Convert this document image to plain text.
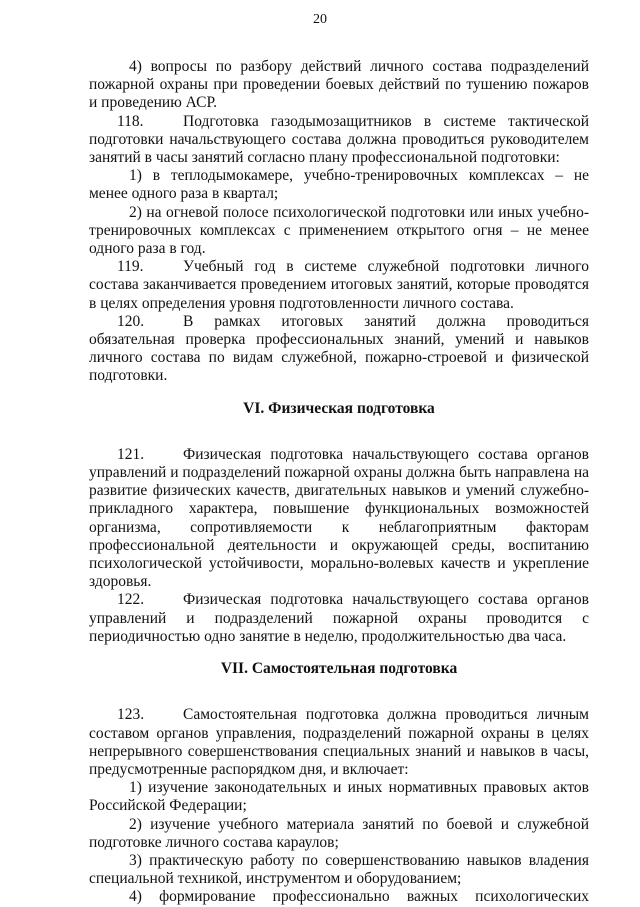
20

4) вопросы по разбору действий личного состава подразделений пожарной охраны при проведении боевых действий по тушению пожаров и проведению АСР.

118.	Подготовка газодымозащитников в системе тактической подготовки начальствующего состава должна проводиться руководителем занятий в часы занятий согласно плану профессиональной подготовки:

1) в теплодымокамере, учебно-тренировочных комплексах – не менее одного раза в квартал;

2) на огневой полосе психологической подготовки или иных учебно-тренировочных комплексах с применением открытого огня – не менее одного раза в год.

119.	Учебный год в системе служебной подготовки личного состава заканчивается проведением итоговых занятий, которые проводятся в целях определения уровня подготовленности личного состава.

120.	В рамках итоговых занятий должна проводиться обязательная проверка профессиональных знаний, умений и навыков личного состава по видам служебной, пожарно-строевой и физической подготовки.

VI. Физическая подготовка

121.	Физическая подготовка начальствующего состава органов управлений и подразделений пожарной охраны должна быть направлена на развитие физических качеств, двигательных навыков и умений служебно-прикладного характера, повышение функциональных возможностей организма, сопротивляемости к неблагоприятным факторам профессиональной деятельности и окружающей среды, воспитанию психологической устойчивости, морально-волевых качеств и укрепление здоровья.

122.	Физическая подготовка начальствующего состава органов управлений и подразделений пожарной охраны проводится с периодичностью одно занятие в неделю, продолжительностью два часа.

VII. Самостоятельная подготовка

123.	Самостоятельная подготовка должна проводиться личным составом органов управления, подразделений пожарной охраны в целях непрерывного совершенствования специальных знаний и навыков в часы, предусмотренные распорядком дня, и включает:

1) изучение законодательных и иных нормативных правовых актов Российской Федерации;

2) изучение учебного материала занятий по боевой и служебной подготовке личного состава караулов;

3) практическую работу по совершенствованию навыков владения специальной техникой, инструментом и оборудованием;

4) формирование профессионально важных психологических
